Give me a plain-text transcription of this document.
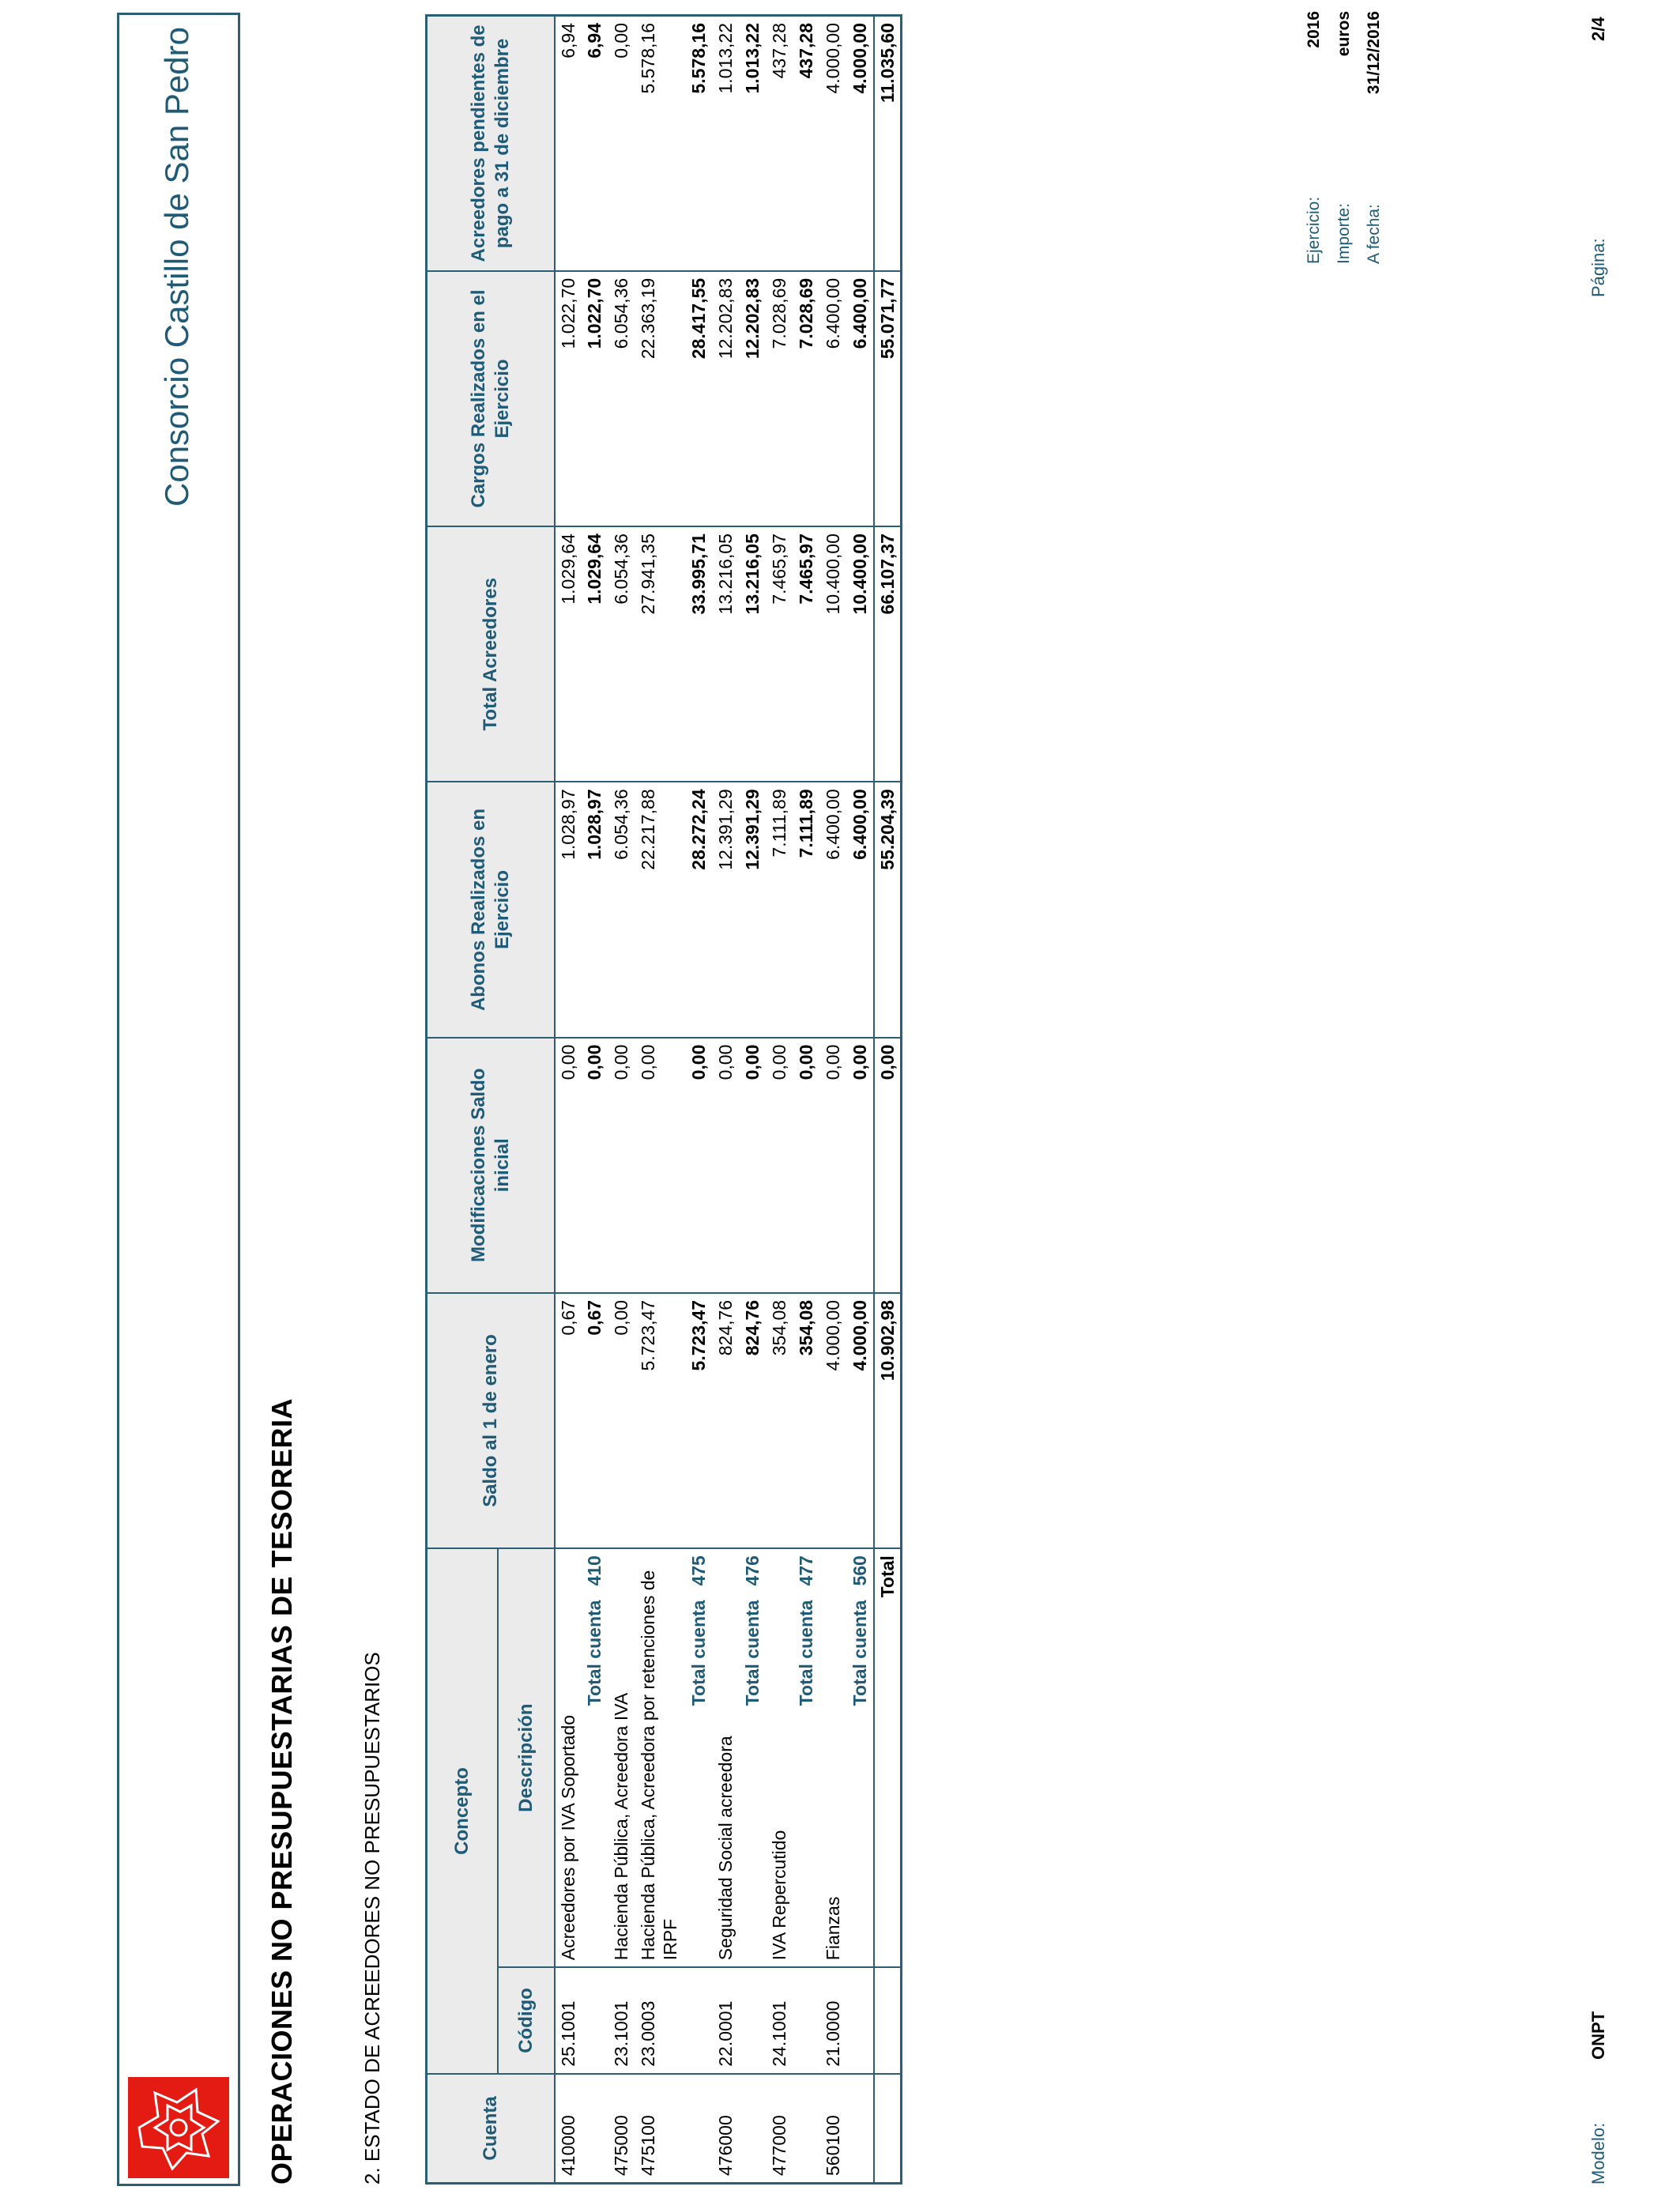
Consorcio Castillo de San Pedro
OPERACIONES NO PRESUPUESTARIAS DE TESORERIA	2. ESTADO DE ACREEDORES NO PRESUPUESTARIOS
Ejercicio:
2016
Importe:
euros
A fecha:
31/12/2016
Cuenta	Concepto		Saldo al 1 de enero	Modificaciones Saldo inicial	Abonos Realizados en Ejercicio	Total Acreedores	Cargos Realizados en el Ejercicio	Acreedores pendientes de pago a 31 de diciembre
	Código	Descripción						
410000	25.1001	Acreedores por IVA Soportado	0,67	0,00	1.028,97	1.029,64	1.022,70	6,94
		Total cuenta410	0,67	0,00	1.028,97	1.029,64	1.022,70	6,94
475000	23.1001	Hacienda Pública, Acreedora IVA	0,00	0,00	6.054,36	6.054,36	6.054,36	0,00
475100	23.0003	Hacienda Pública, Acreedora por retenciones de IRPF	5.723,47	0,00	22.217,88	27.941,35	22.363,19	5.578,16
		Total cuenta475	5.723,47	0,00	28.272,24	33.995,71	28.417,55	5.578,16
476000	22.0001	Seguridad Social acreedora	824,76	0,00	12.391,29	13.216,05	12.202,83	1.013,22
		Total cuenta476	824,76	0,00	12.391,29	13.216,05	12.202,83	1.013,22
477000	24.1001	IVA Repercutido	354,08	0,00	7.111,89	7.465,97	7.028,69	437,28
		Total cuenta477	354,08	0,00	7.111,89	7.465,97	7.028,69	437,28
560100	21.0000	Fianzas	4.000,00	0,00	6.400,00	10.400,00	6.400,00	4.000,00
		Total cuenta560	4.000,00	0,00	6.400,00	10.400,00	6.400,00	4.000,00
		Total	10.902,98	0,00	55.204,39	66.107,37	55.071,77	11.035,60
Modelo:
ONPT
Página:
2/4
